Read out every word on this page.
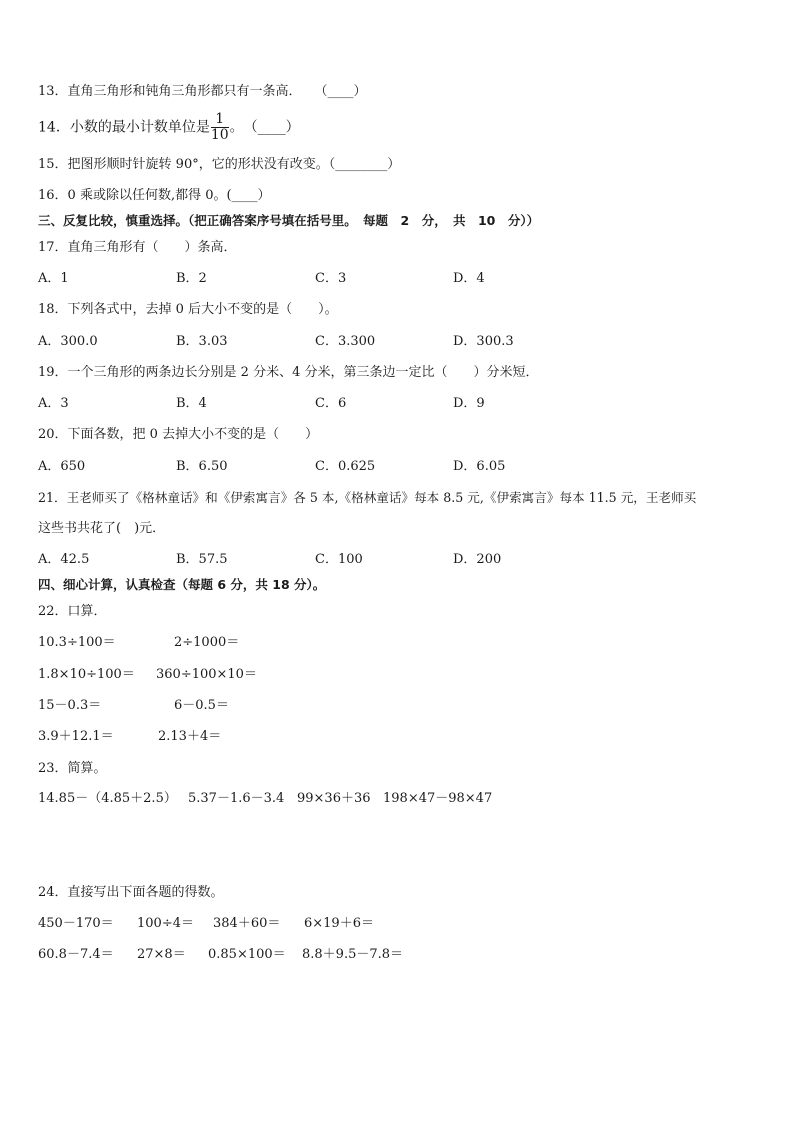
13．直角三角形和钝角三角形都只有一条高．　　（____）
14．小数的最小计数单位是 $\frac{1}{10}$ 。　（____）
15．把图形顺时针旋转 90°，它的形状没有改变。（________）
16．0 乘或除以任何数,都得 0。(____）
三、反复比较，慎重选择。（把正确答案序号填在括号里。　每题　2　分，　共　10　分））
17．直角三角形有（　　）条高．
A．1	B．2	C．3	D．4
18．下列各式中，去掉 0 后大小不变的是（　　）。
A．300.0	B．3.03	C．3.300	D．300.3
19．一个三角形的两条边长分别是 2 分米、4 分米，第三条边一定比（　　）分米短．
A．3	B．4	C．6	D．9
20．下面各数，把 0 去掉大小不变的是（　　）
A．650	B．6.50	C．0.625	D．6.05
21．王老师买了《格林童话》和《伊索寓言》各 5 本,《格林童话》每本 8.5 元,《伊索寓言》每本 11.5 元，王老师买
这些书共花了(　)元．
A．42.5	B．57.5	C．100	D．200
四、细心计算，认真检查（每题 6 分，共 18 分）。
22．口算．
10.3÷100＝	2÷1000＝
1.8×10÷100＝ 360÷100×10＝
15－0.3＝	6－0.5＝
3.9＋12.1＝	2.13＋4＝
23．简算。
14.85－（4.85＋2.5） 5.37－1.6－3.4 99×36＋36 198×47－98×47
24．直接写出下面各题的得数。
450－170＝ 100÷4＝ 384＋60＝ 6×19＋6＝
60.8－7.4＝ 27×8＝ 0.85×100＝ 8.8＋9.5－7.8＝
